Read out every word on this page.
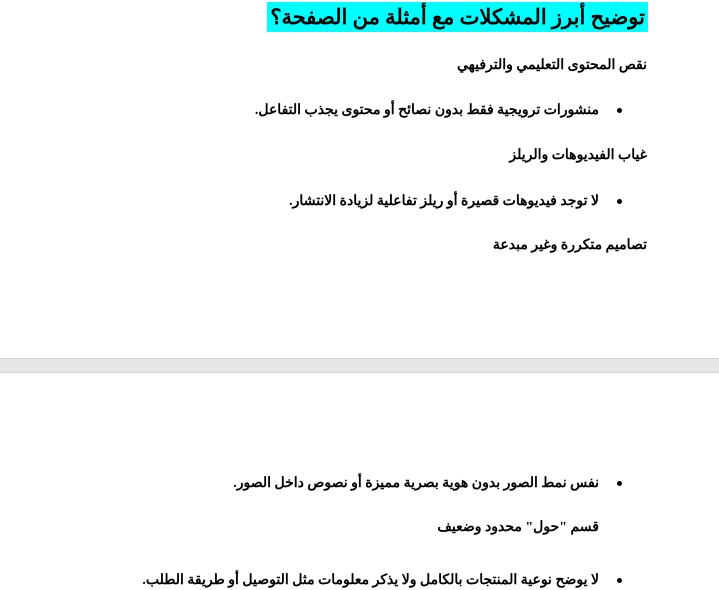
توضيح أبرز المشكلات مع أمثلة من الصفحة؟
نقص المحتوى التعليمي والترفيهي
منشورات ترويجية فقط بدون نصائح أو محتوى يجذب التفاعل.
غياب الفيديوهات والريلز
لا توجد فيديوهات قصيرة أو ريلز تفاعلية لزيادة الانتشار.
تصاميم متكررة وغير مبدعة
نفس نمط الصور بدون هوية بصرية مميزة أو نصوص داخل الصور.
قسم "حول" محدود وضعيف
لا يوضح نوعية المنتجات بالكامل ولا يذكر معلومات مثل التوصيل أو طريقة الطلب.
